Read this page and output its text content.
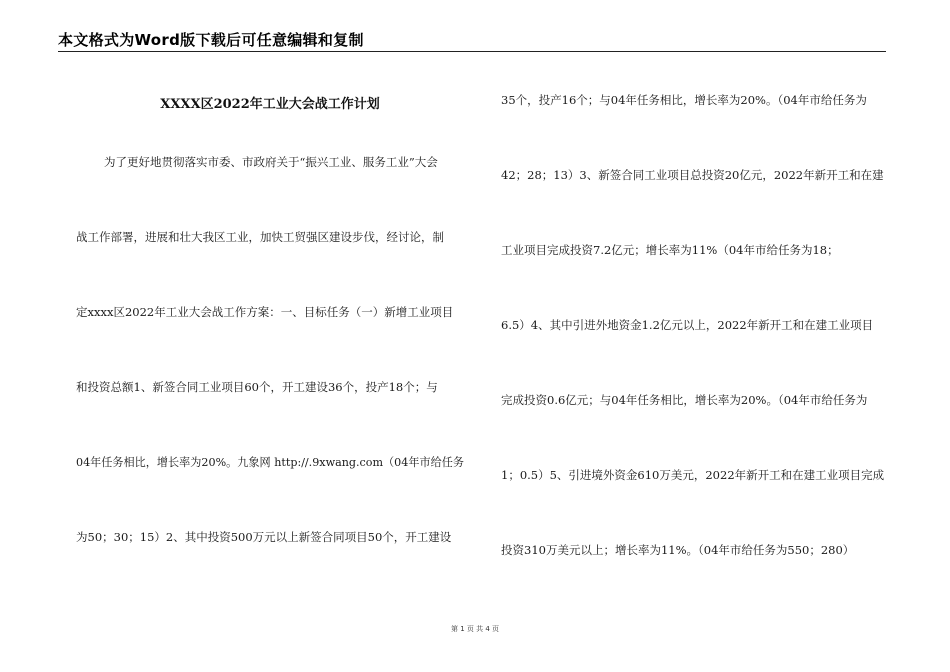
本文格式为Word版下载后可任意编辑和复制
XXXX区2022年工业大会战工作计划
为了更好地贯彻落实市委、市政府关于“振兴工业、服务工业”大会
战工作部署，进展和壮大我区工业，加快工贸强区建设步伐，经讨论，制
定xxxx区2022年工业大会战工作方案：一、目标任务（一）新增工业项目
和投资总额1、新签合同工业项目60个，开工建设36个，投产18个；与
04年任务相比，增长率为20%。九象网 http://.9xwang.com（04年市给任务
为50；30；15）2、其中投资500万元以上新签合同项目50个，开工建设
35个，投产16个；与04年任务相比，增长率为20%。（04年市给任务为
42；28；13）3、新签合同工业项目总投资20亿元，2022年新开工和在建
工业项目完成投资7.2亿元；增长率为11%（04年市给任务为18；
6.5）4、其中引进外地资金1.2亿元以上，2022年新开工和在建工业项目
完成投资0.6亿元；与04年任务相比，增长率为20%。（04年市给任务为
1；0.5）5、引进境外资金610万美元，2022年新开工和在建工业项目完成
投资310万美元以上；增长率为11%。（04年市给任务为550；280）
第 1 页 共 4 页
